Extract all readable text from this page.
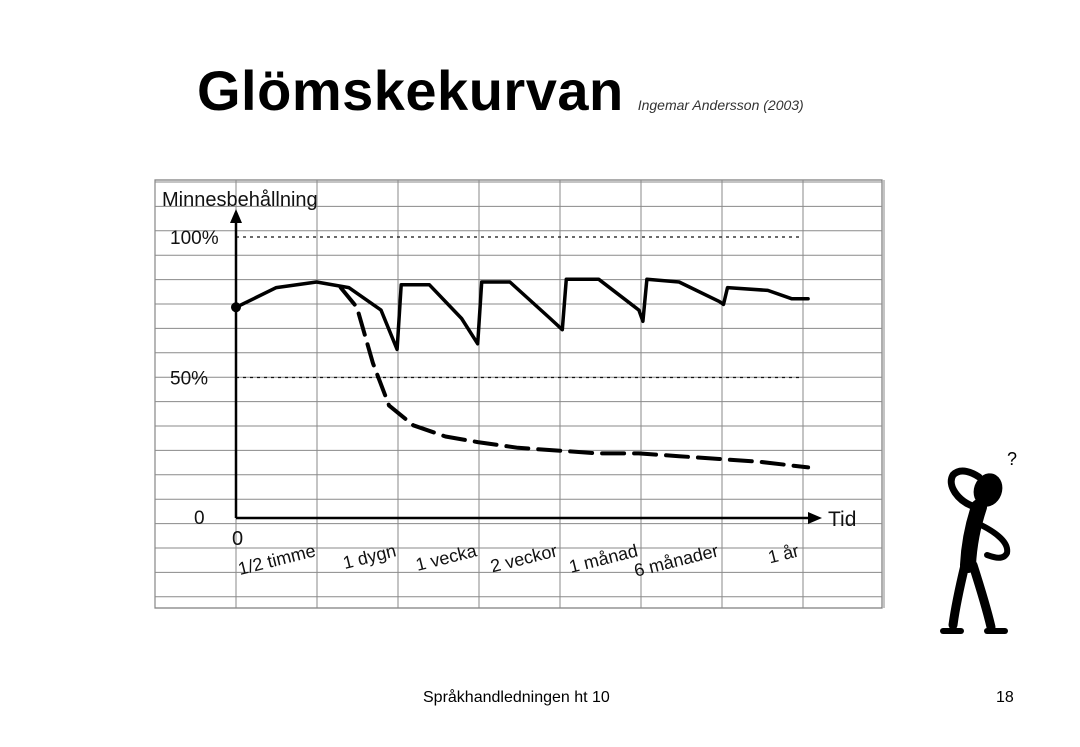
Glömskekurvan Ingemar Andersson (2003)
Minnesbehållning
Tid
100%
50%
0
0
1/2 timme 1 dygn 1 vecka 2 veckor 1 månad
6 månader	1 år
?
Språkhandledningen ht 10	18
